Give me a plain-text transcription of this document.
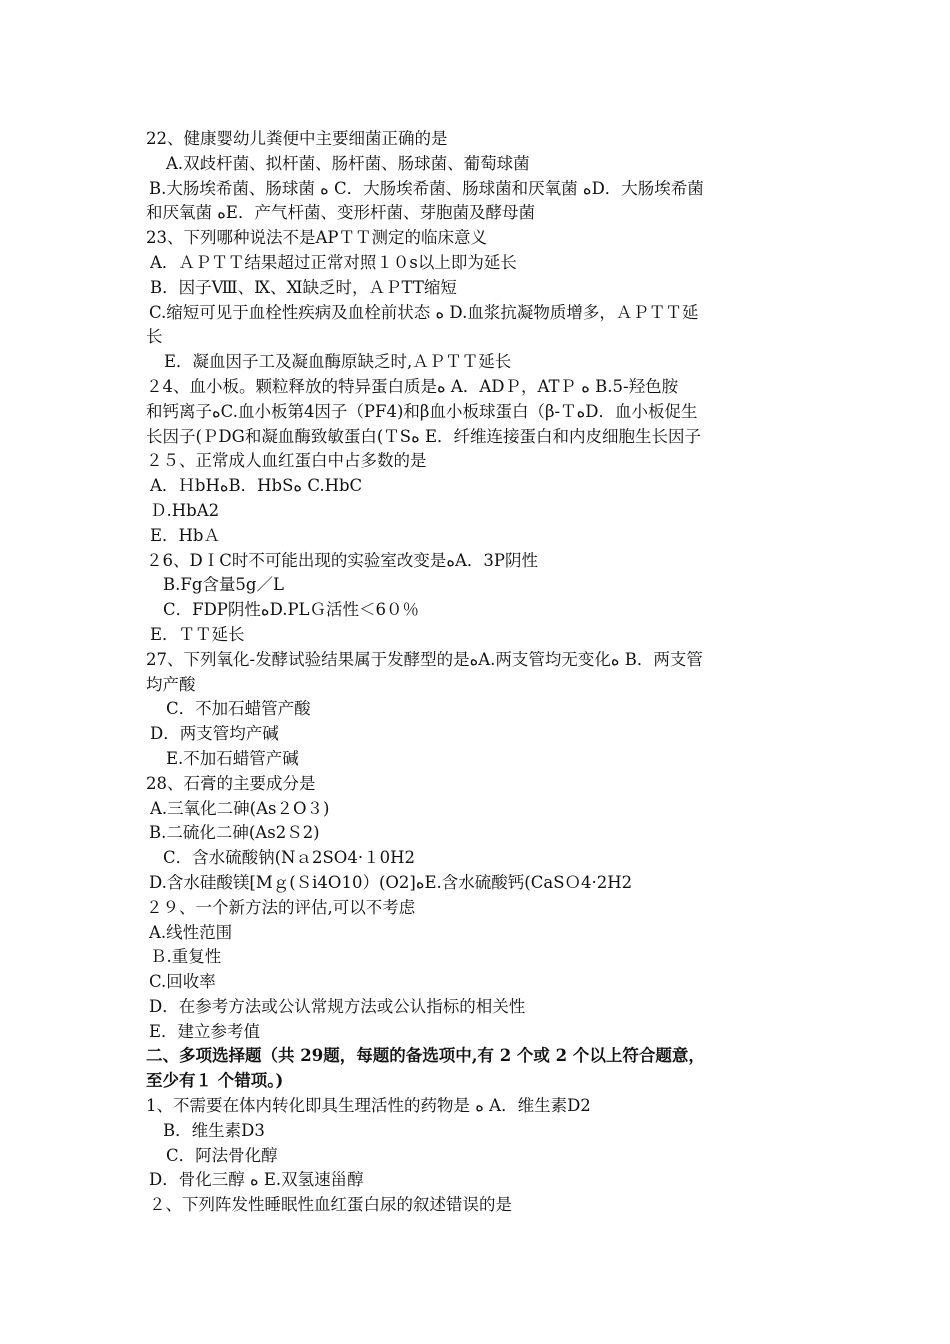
22、健康婴幼儿粪便中主要细菌正确的是
A.双歧杆菌、拟杆菌、肠杆菌、肠球菌、葡萄球菌
B.大肠埃希菌、肠球菌 ﻩ C．大肠埃希菌、肠球菌和厌氧菌 ﻩD．大肠埃希菌
和厌氧菌 ﻩE．产气杆菌、变形杆菌、芽胞菌及酵母菌
23、下列哪种说法不是APＴＴ测定的临床意义
A．ＡＰＴＴ结果超过正常对照１０s以上即为延长
B．因子Ⅷ、Ⅸ、Ⅺ缺乏时，ＡＰTT缩短
C.缩短可见于血栓性疾病及血栓前状态 ﻩ D.血浆抗凝物质增多，ＡＰＴＴ延
长
E．凝血因子工及凝血酶原缺乏时,ＡＰＴＴ延长
２4、血小板。颗粒释放的特异蛋白质是ﻩ A．ADＰ，ATＰ ﻩ B.5-羟色胺
和钙离子ﻩC.血小板第4因子（PF4)和β血小板球蛋白（β-ＴﻩD．血小板促生
长因子(ＰDG和凝血酶致敏蛋白(ＴSﻩ E．纤维连接蛋白和内皮细胞生长因子
２５、正常成人血红蛋白中占多数的是
A．ＨbHﻩB．HbSﻩ C.HbC
Ｄ.HbA2
E．HbＡ
２6、DＩC时不可能出现的实验室改变是ﻩA．3P阴性
B.Fg含量5g／L
C．FDP阴性ﻩD.PLＧ活性＜6０％
E．ＴＴ延长
27、下列氧化-发酵试验结果属于发酵型的是ﻩA.两支管均无变化ﻩ B．两支管
均产酸
C．不加石蜡管产酸
D．两支管均产碱
E.不加石蜡管产碱
28、石膏的主要成分是
A.三氧化二砷(As２O３)
B.二硫化二砷(As2Ｓ2)
C．含水硫酸钠(Nａ2SO4·１0H2
D.含水硅酸镁[Mｇ(Ｓi4O10）(O2]ﻩE.含水硫酸钙(CaSＯ4·2H2
２９、一个新方法的评估,可以不考虑
A.线性范围
Ｂ.重复性
C.回收率
D．在参考方法或公认常规方法或公认指标的相关性
E．建立参考值
二、多项选择题（共 29题，每题的备选项中,有 2 个或 2 个以上符合题意，
至少有１ 个错项。)
1、不需要在体内转化即具生理活性的药物是 ﻩ A．维生素D2
B．维生素D3
C．阿法骨化醇
D．骨化三醇 ﻩ E.双氢速甾醇
２、下列阵发性睡眠性血红蛋白尿的叙述错误的是
